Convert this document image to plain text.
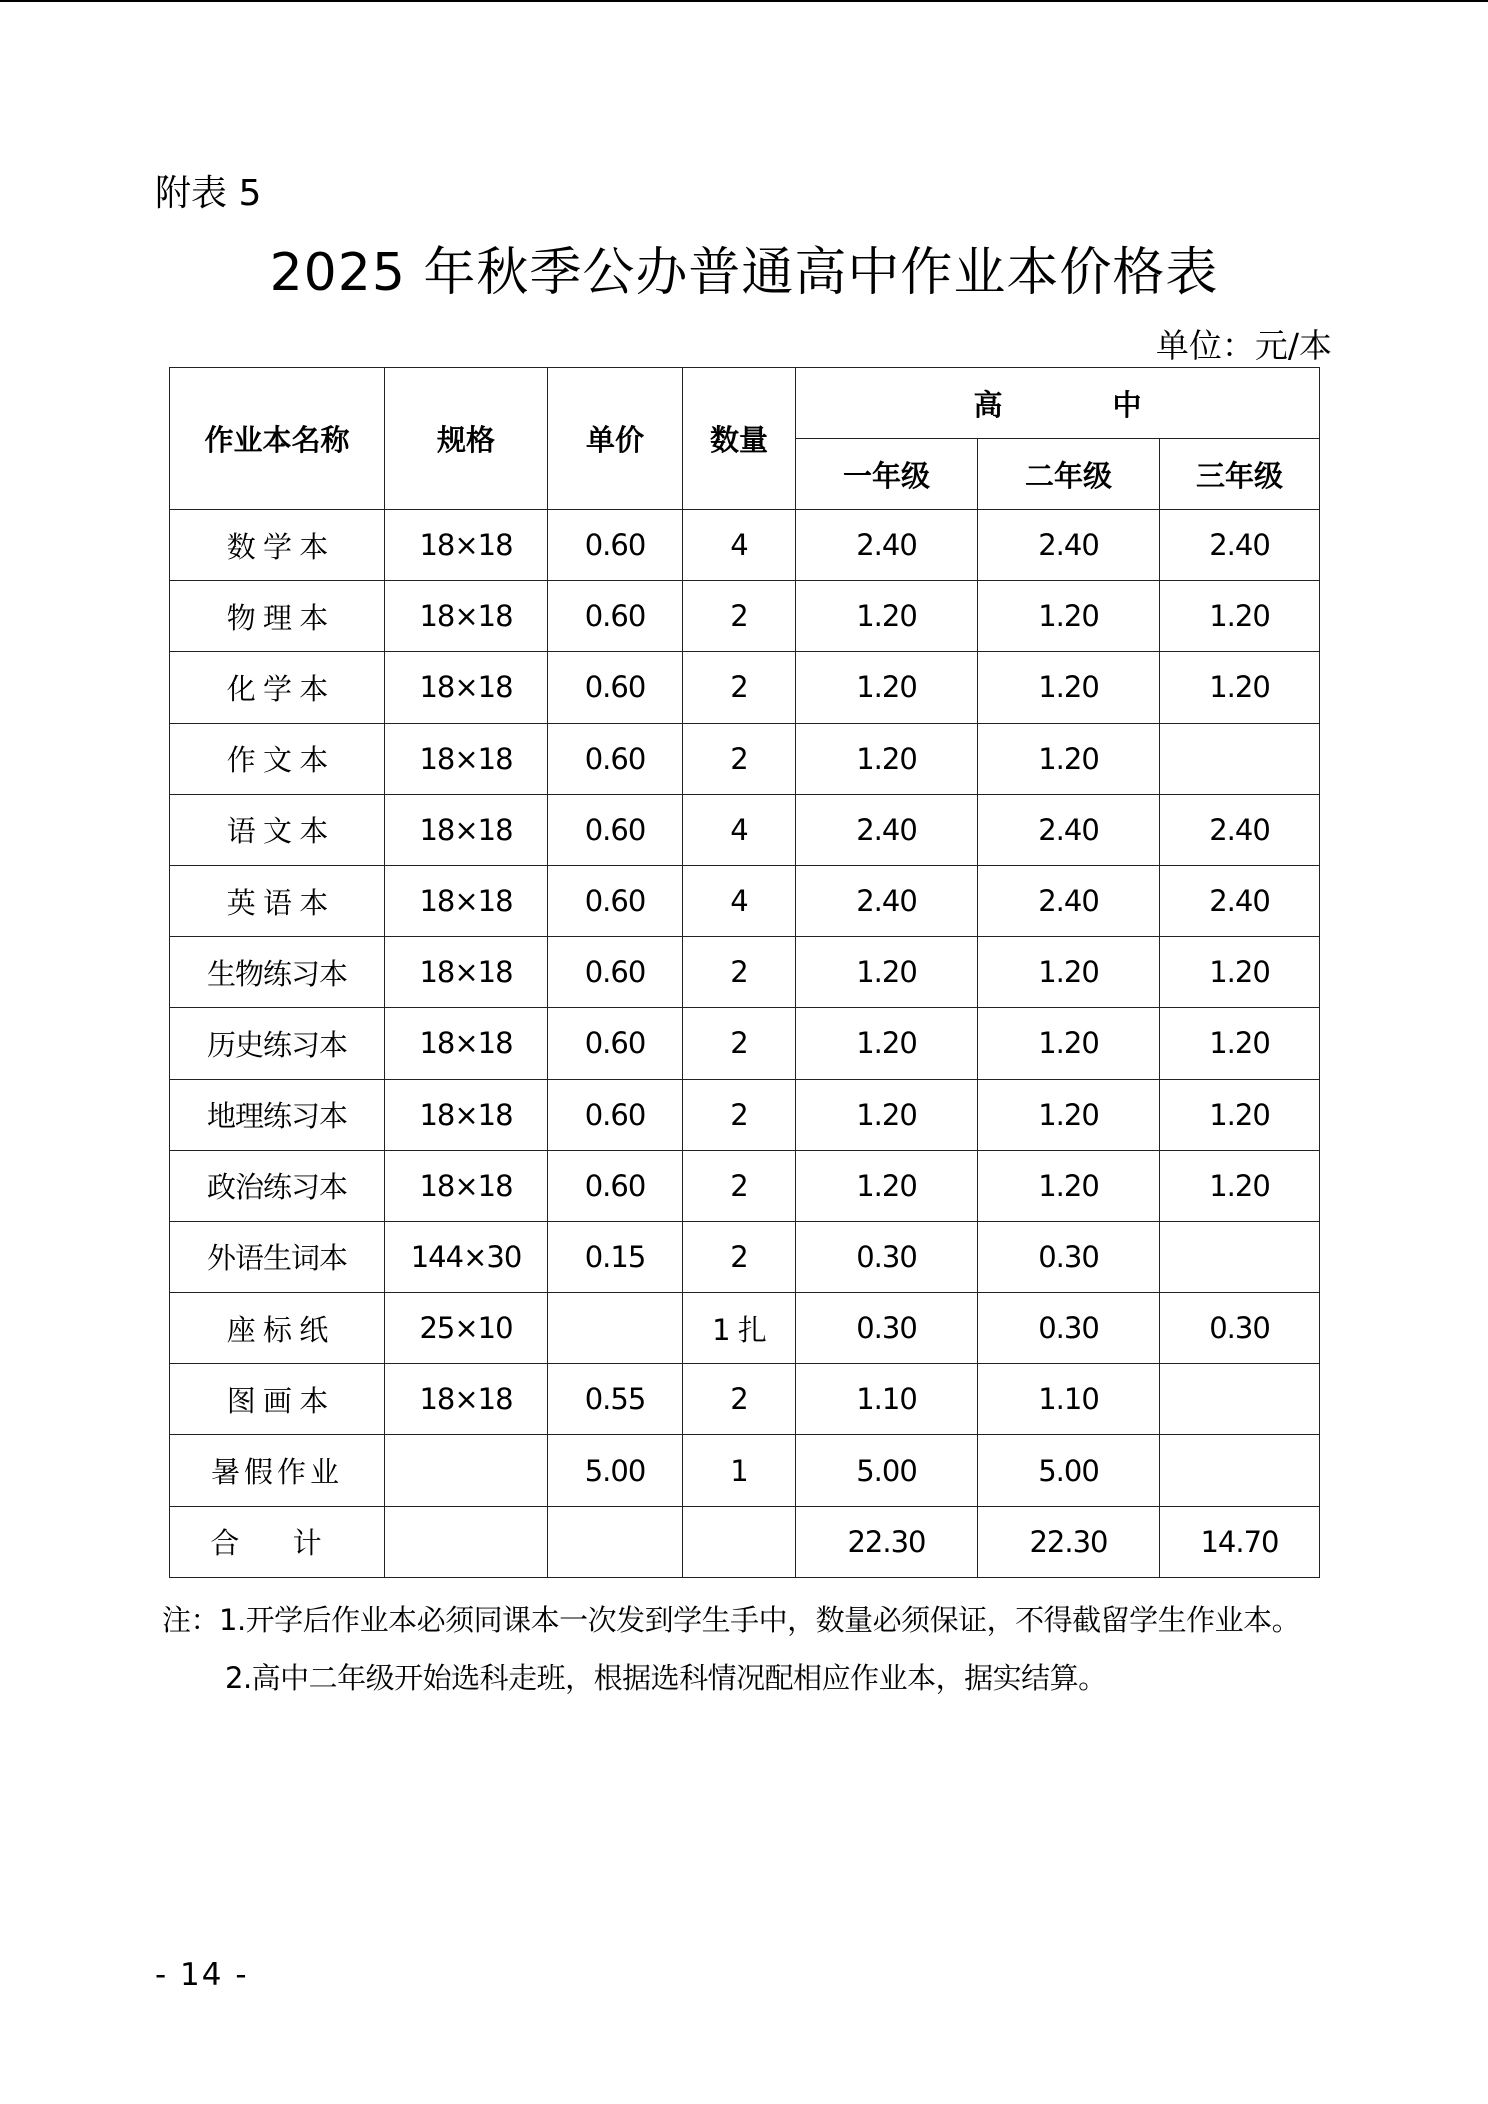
附表 5
2025 年秋季公办普通高中作业本价格表
单位：元/本
作业本名称	规格	单价	数量	高 中		
				一年级	二年级	三年级
数 学 本	18×18	0.60	4	2.40	2.40	2.40
物 理 本	18×18	0.60	2	1.20	1.20	1.20
化 学 本	18×18	0.60	2	1.20	1.20	1.20
作 文 本	18×18	0.60	2	1.20	1.20	
语 文 本	18×18	0.60	4	2.40	2.40	2.40
英 语 本	18×18	0.60	4	2.40	2.40	2.40
生物练习本	18×18	0.60	2	1.20	1.20	1.20
历史练习本	18×18	0.60	2	1.20	1.20	1.20
地理练习本	18×18	0.60	2	1.20	1.20	1.20
政治练习本	18×18	0.60	2	1.20	1.20	1.20
外语生词本	144×30	0.15	2	0.30	0.30	
座 标 纸	25×10		1 扎	0.30	0.30	0.30
图 画 本	18×18	0.55	2	1.10	1.10	
暑假作业		5.00	1	5.00	5.00	
合 计				22.30	22.30	14.70
注：1.开学后作业本必须同课本一次发到学生手中，数量必须保证，不得截留学生作业本。
2.高中二年级开始选科走班，根据选科情况配相应作业本，据实结算。
- 14 -
